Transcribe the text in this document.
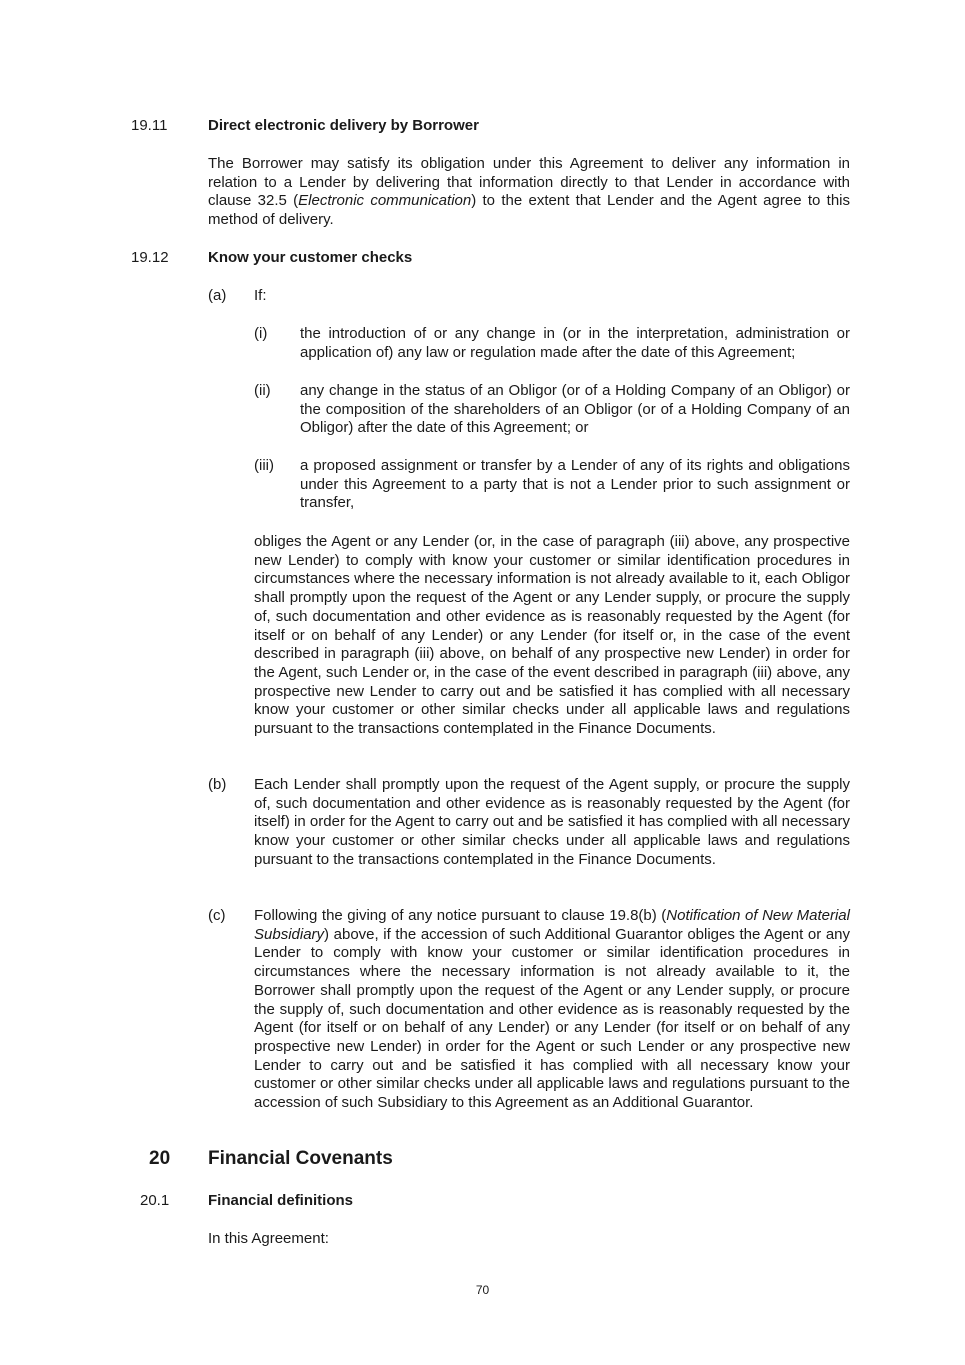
19.11	Direct electronic delivery by Borrower
The Borrower may satisfy its obligation under this Agreement to deliver any information in relation to a Lender by delivering that information directly to that Lender in accordance with clause 32.5 (Electronic communication) to the extent that Lender and the Agent agree to this method of delivery.
19.12	Know your customer checks
(a) If:
(i) the introduction of or any change in (or in the interpretation, administration or application of) any law or regulation made after the date of this Agreement;
(ii) any change in the status of an Obligor (or of a Holding Company of an Obligor) or the composition of the shareholders of an Obligor (or of a Holding Company of an Obligor) after the date of this Agreement; or
(iii) a proposed assignment or transfer by a Lender of any of its rights and obligations under this Agreement to a party that is not a Lender prior to such assignment or transfer,
obliges the Agent or any Lender (or, in the case of paragraph (iii) above, any prospective new Lender) to comply with know your customer or similar identification procedures in circumstances where the necessary information is not already available to it, each Obligor shall promptly upon the request of the Agent or any Lender supply, or procure the supply of, such documentation and other evidence as is reasonably requested by the Agent (for itself or on behalf of any Lender) or any Lender (for itself or, in the case of the event described in paragraph (iii) above, on behalf of any prospective new Lender) in order for the Agent, such Lender or, in the case of the event described in paragraph (iii) above, any prospective new Lender to carry out and be satisfied it has complied with all necessary know your customer or other similar checks under all applicable laws and regulations pursuant to the transactions contemplated in the Finance Documents.
(b) Each Lender shall promptly upon the request of the Agent supply, or procure the supply of, such documentation and other evidence as is reasonably requested by the Agent (for itself) in order for the Agent to carry out and be satisfied it has complied with all necessary know your customer or other similar checks under all applicable laws and regulations pursuant to the transactions contemplated in the Finance Documents.
(c) Following the giving of any notice pursuant to clause 19.8(b) (Notification of New Material Subsidiary) above, if the accession of such Additional Guarantor obliges the Agent or any Lender to comply with know your customer or similar identification procedures in circumstances where the necessary information is not already available to it, the Borrower shall promptly upon the request of the Agent or any Lender supply, or procure the supply of, such documentation and other evidence as is reasonably requested by the Agent (for itself or on behalf of any Lender) or any Lender (for itself or on behalf of any prospective new Lender) in order for the Agent or such Lender or any prospective new Lender to carry out and be satisfied it has complied with all necessary know your customer or other similar checks under all applicable laws and regulations pursuant to the accession of such Subsidiary to this Agreement as an Additional Guarantor.
20 Financial Covenants
20.1	Financial definitions
In this Agreement:
70
